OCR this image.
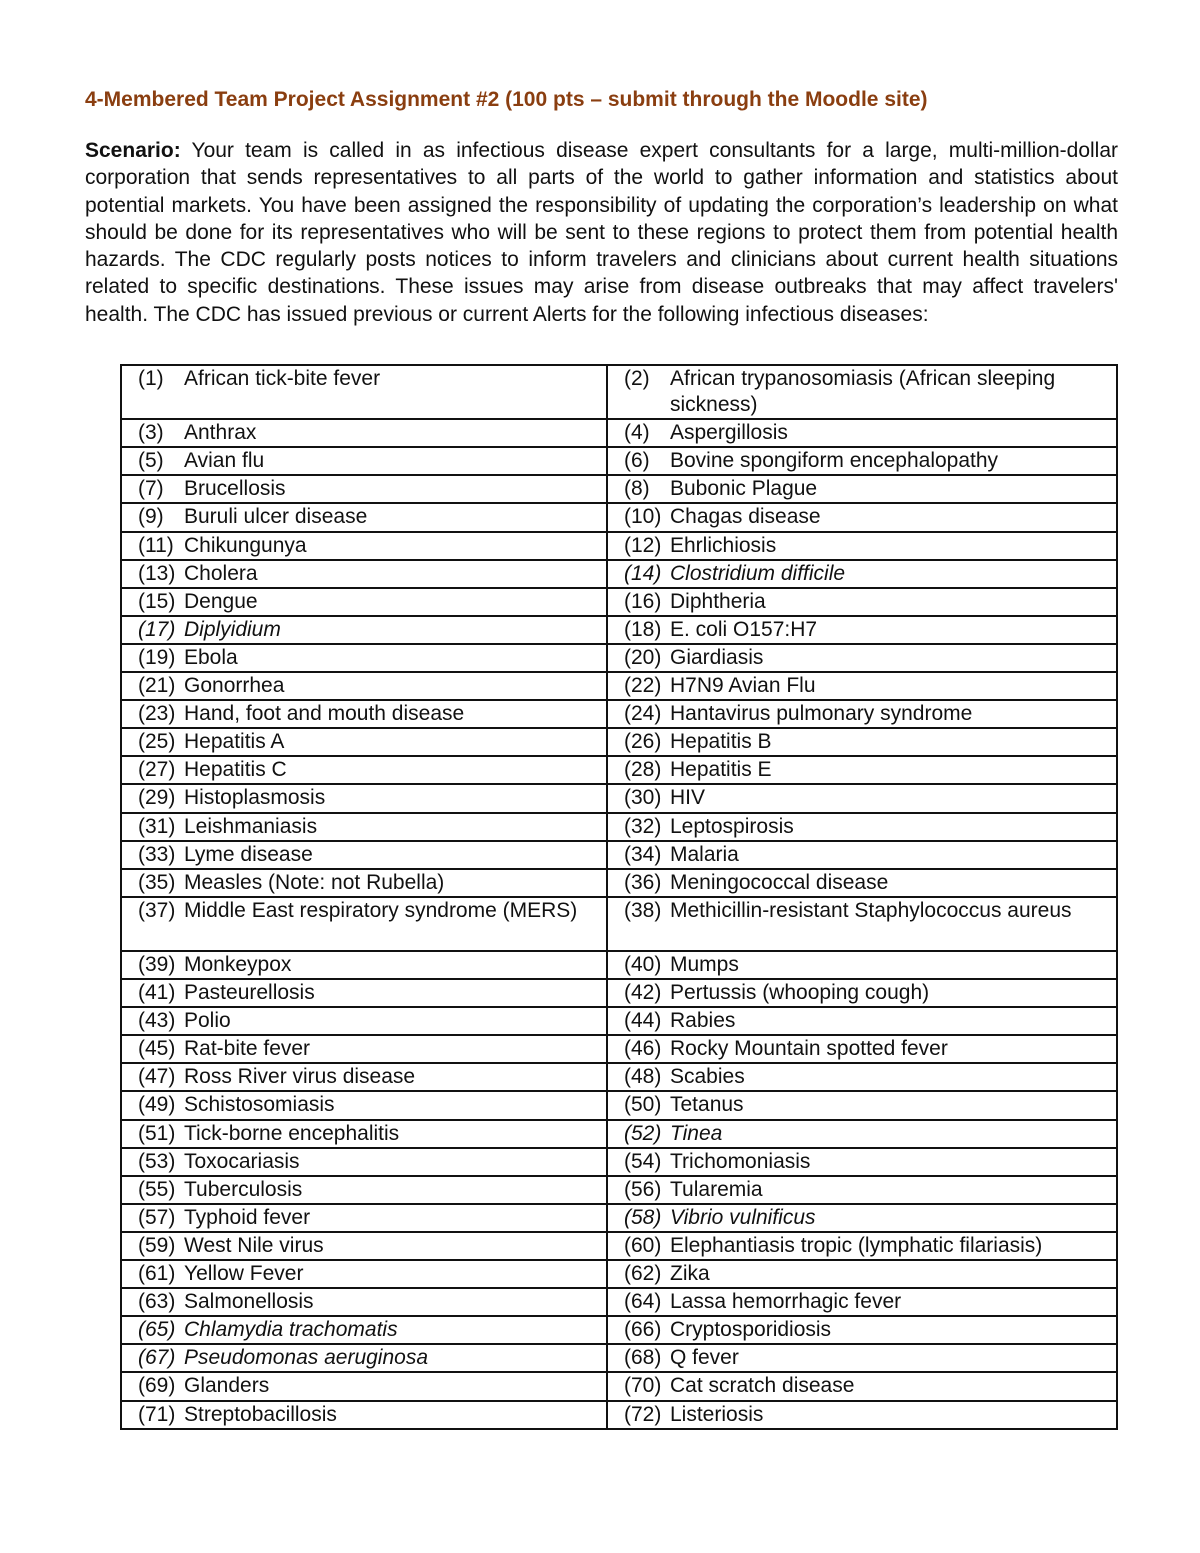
4-Membered Team Project Assignment #2 (100 pts – submit through the Moodle site)
Scenario: Your team is called in as infectious disease expert consultants for a large, multi-million-dollar corporation that sends representatives to all parts of the world to gather information and statistics about potential markets. You have been assigned the responsibility of updating the corporation’s leadership on what should be done for its representatives who will be sent to these regions to protect them from potential health hazards. The CDC regularly posts notices to inform travelers and clinicians about current health situations related to specific destinations. These issues may arise from disease outbreaks that may affect travelers' health. The CDC has issued previous or current Alerts for the following infectious diseases:
(1) African tick-bite fever	(2) African trypanosomiasis (African sleeping sickness)

(3) Anthrax	(4) Aspergillosis

(5) Avian flu	(6) Bovine spongiform encephalopathy

(7) Brucellosis	(8) Bubonic Plague

(9) Buruli ulcer disease	(10) Chagas disease

(11) Chikungunya	(12) Ehrlichiosis

(13) Cholera	(14) Clostridium difficile

(15) Dengue	(16) Diphtheria

(17) Diplyidium	(18) E. coli O157:H7

(19) Ebola	(20) Giardiasis

(21) Gonorrhea	(22) H7N9 Avian Flu

(23) Hand, foot and mouth disease	(24) Hantavirus pulmonary syndrome

(25) Hepatitis A	(26) Hepatitis B

(27) Hepatitis C	(28) Hepatitis E

(29) Histoplasmosis	(30) HIV

(31) Leishmaniasis	(32) Leptospirosis

(33) Lyme disease	(34) Malaria

(35) Measles (Note: not Rubella)	(36) Meningococcal disease

(37) Middle East respiratory syndrome (MERS)	(38) Methicillin-resistant Staphylococcus aureus

(39) Monkeypox	(40) Mumps

(41) Pasteurellosis	(42) Pertussis (whooping cough)

(43) Polio	(44) Rabies

(45) Rat-bite fever	(46) Rocky Mountain spotted fever

(47) Ross River virus disease	(48) Scabies

(49) Schistosomiasis	(50) Tetanus

(51) Tick-borne encephalitis	(52) Tinea

(53) Toxocariasis	(54) Trichomoniasis

(55) Tuberculosis	(56) Tularemia

(57) Typhoid fever	(58) Vibrio vulnificus

(59) West Nile virus	(60) Elephantiasis tropic (lymphatic filariasis)

(61) Yellow Fever	(62) Zika

(63) Salmonellosis	(64) Lassa hemorrhagic fever

(65) Chlamydia trachomatis	(66) Cryptosporidiosis

(67) Pseudomonas aeruginosa	(68) Q fever

(69) Glanders	(70) Cat scratch disease

(71) Streptobacillosis	(72) Listeriosis
